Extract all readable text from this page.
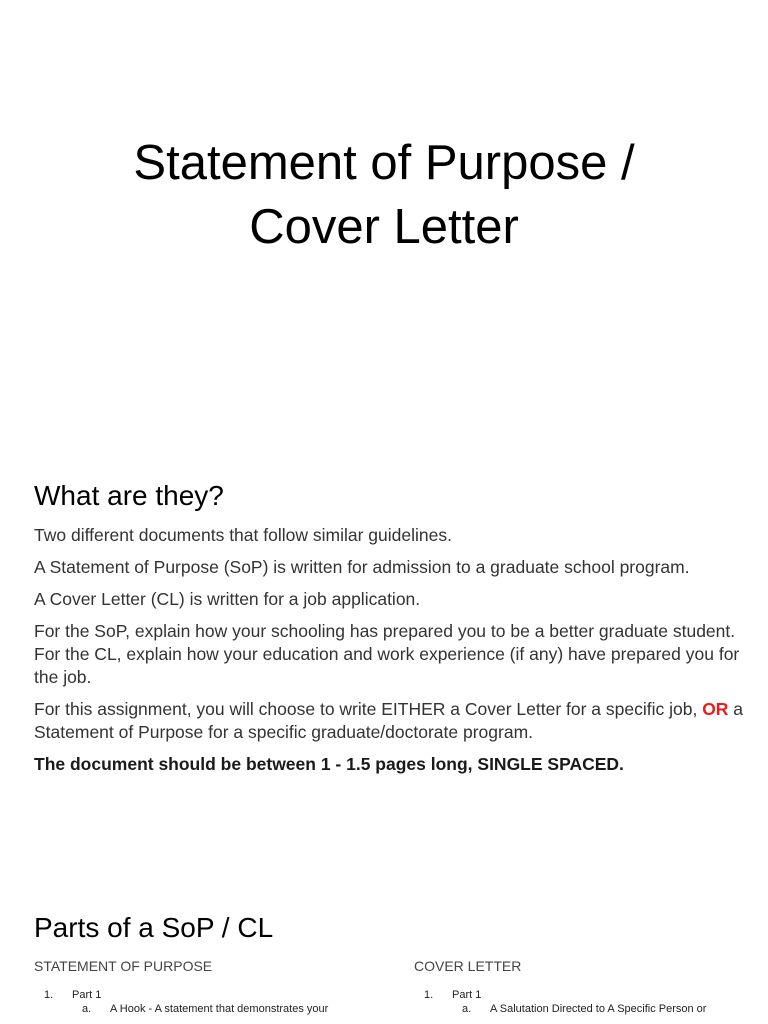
Statement of Purpose /
Cover Letter
What are they?

Two different documents that follow similar guidelines.

A Statement of Purpose (SoP) is written for admission to a graduate school program.

A Cover Letter (CL) is written for a job application.

For the SoP, explain how your schooling has prepared you to be a better graduate student. For the CL, explain how your education and work experience (if any) have prepared you for the job.

For this assignment, you will choose to write EITHER a Cover Letter for a specific job, OR a Statement of Purpose for a specific graduate/doctorate program.

The document should be between 1 - 1.5 pages long, SINGLE SPACED.

Parts of a SoP / CL
STATEMENT OF PURPOSE
1. Part 1
a. A Hook - A statement that demonstrates your
COVER LETTER
1. Part 1
a. A Salutation Directed to A Specific Person or
